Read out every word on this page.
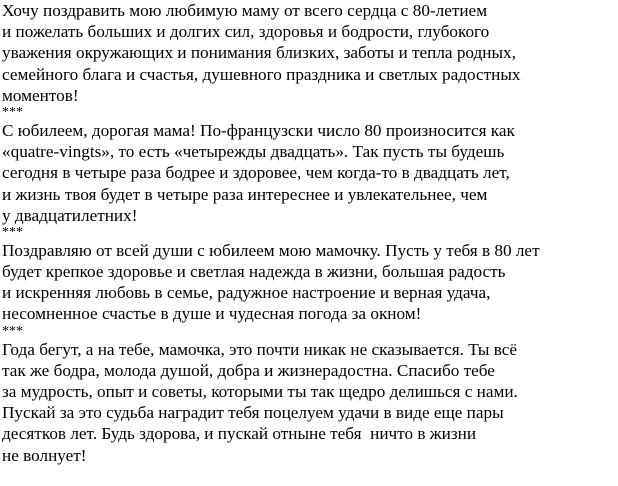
Хочу поздравить мою любимую маму от всего сердца с 80-летием
и пожелать больших и долгих сил, здоровья и бодрости, глубокого
уважения окружающих и понимания близких, заботы и тепла родных,
семейного блага и счастья, душевного праздника и светлых радостных
моментов!
***
С юбилеем, дорогая мама! По-французски число 80 произносится как
«quatre-vingts», то есть «четырежды двадцать». Так пусть ты будешь
сегодня в четыре раза бодрее и здоровее, чем когда-то в двадцать лет,
и жизнь твоя будет в четыре раза интереснее и увлекательнее, чем
у двадцатилетних!
***
Поздравляю от всей души с юбилеем мою мамочку. Пусть у тебя в 80 лет
будет крепкое здоровье и светлая надежда в жизни, большая радость
и искренняя любовь в семье, радужное настроение и верная удача,
несомненное счастье в душе и чудесная погода за окном!
***
Года бегут, а на тебе, мамочка, это почти никак не сказывается. Ты всё
так же бодра, молода душой, добра и жизнерадостна. Спасибо тебе
за мудрость, опыт и советы, которыми ты так щедро делишься с нами.
Пускай за это судьба наградит тебя поцелуем удачи в виде еще пары
десятков лет. Будь здорова, и пускай отныне тебя  ничто в жизни
не волнует!
